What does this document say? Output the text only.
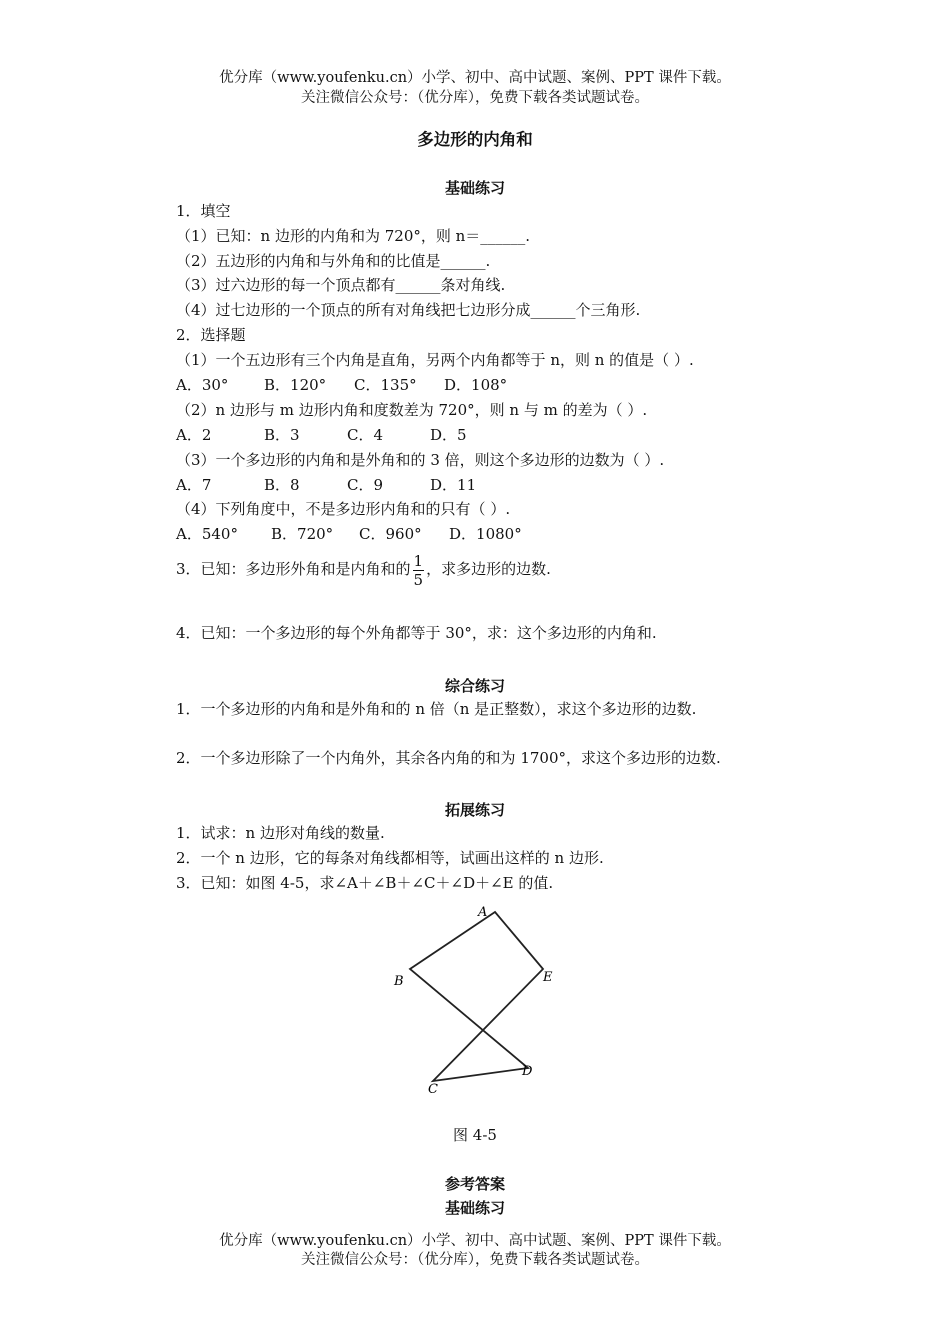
优分库（www.youfenku.cn）小学、初中、高中试题、案例、PPT 课件下载。
关注微信公众号：（优分库），免费下载各类试题试卷。
多边形的内角和
基础练习
1．填空
（1）已知：n 边形的内角和为 720°，则 n＝______.
（2）五边形的内角和与外角和的比值是______.
（3）过六边形的每一个顶点都有______条对角线.
（4）过七边形的一个顶点的所有对角线把七边形分成______个三角形.
2．选择题
（1）一个五边形有三个内角是直角，另两个内角都等于 n，则 n 的值是（ ）.
A．30° B．120° C．135° D．108°
（2）n 边形与 m 边形内角和度数差为 720°，则 n 与 m 的差为（ ）.
A．2	B．3	C．4	D．5
（3）一个多边形的内角和是外角和的 3 倍，则这个多边形的边数为（ ）.
A．7	B．8	C．9	D．11
（4）下列角度中，不是多边形内角和的只有（ ）.
A．540° B．720° C．960° D．1080°
3．已知：多边形外角和是内角和的 $\frac{1}{5}$ ，求多边形的边数.
4．已知：一个多边形的每个外角都等于 30°，求：这个多边形的内角和.
综合练习
1．一个多边形的内角和是外角和的 n 倍（n 是正整数），求这个多边形的边数.
2．一个多边形除了一个内角外，其余各内角的和为 1700°，求这个多边形的边数.
拓展练习
1．试求：n 边形对角线的数量.
2．一个 n 边形，它的每条对角线都相等，试画出这样的 n 边形.
3．已知：如图 4-5，求∠A＋∠B＋∠C＋∠D＋∠E 的值.
A
B
C
D
E
图 4-5
参考答案
基础练习
优分库（www.youfenku.cn）小学、初中、高中试题、案例、PPT 课件下载。
关注微信公众号：（优分库），免费下载各类试题试卷。
